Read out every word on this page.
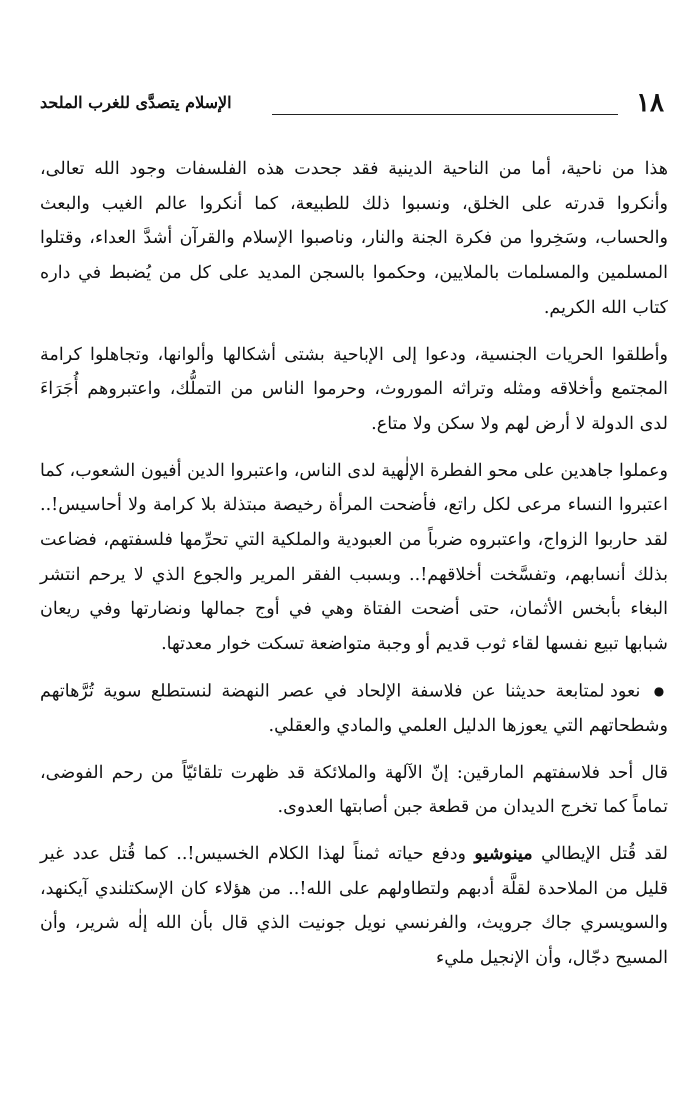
١٨
الإسلام يتصدَّى للغرب الملحد

هذا من ناحية، أما من الناحية الدينية فقد جحدت هذه الفلسفات وجود الله تعالى، وأنكروا قدرته على الخلق، ونسبوا ذلك للطبيعة، كما أنكروا عالم الغيب والبعث والحساب، وسَخِروا من فكرة الجنة والنار، وناصبوا الإسلام والقرآن أشدَّ العداء، وقتلوا المسلمين والمسلمات بالملايين، وحكموا بالسجن المديد على كل من يُضبط في داره كتاب الله الكريم.

وأطلقوا الحريات الجنسية، ودعوا إلى الإباحية بشتى أشكالها وألوانها، وتجاهلوا كرامة المجتمع وأخلاقه ومثله وتراثه الموروث، وحرموا الناس من التملُّك، واعتبروهم أُجَرَاءَ لدى الدولة لا أرض لهم ولا سكن ولا متاع.

وعملوا جاهدين على محو الفطرة الإلٰهية لدى الناس، واعتبروا الدين أفيون الشعوب، كما اعتبروا النساء مرعى لكل راتع، فأضحت المرأة رخيصة مبتذلة بلا كرامة ولا أحاسيس!.. لقد حاربوا الزواج، واعتبروه ضرباً من العبودية والملكية التي تحرِّمها فلسفتهم، فضاعت بذلك أنسابهم، وتفسَّخت أخلاقهم!.. وبسبب الفقر المرير والجوع الذي لا يرحم انتشر البغاء بأبخس الأثمان، حتى أضحت الفتاة وهي في أوج جمالها ونضارتها وفي ريعان شبابها تبيع نفسها لقاء ثوب قديم أو وجبة متواضعة تسكت خوار معدتها.

● نعود لمتابعة حديثنا عن فلاسفة الإلحاد في عصر النهضة لنستطلع سوية تُرَّهاتهم وشطحاتهم التي يعوزها الدليل العلمي والمادي والعقلي.

قال أحد فلاسفتهم المارقين: إنّ الآلهة والملائكة قد ظهرت تلقائيّاً من رحم الفوضى، تماماً كما تخرج الديدان من قطعة جبن أصابتها العدوى.

لقد قُتل الإيطالي مينوشيو ودفع حياته ثمناً لهذا الكلام الخسيس!.. كما قُتل عدد غير قليل من الملاحدة لقلَّة أدبهم ولتطاولهم على الله!.. من هؤلاء كان الإسكتلندي آيكنهد، والسويسري جاك جرويث، والفرنسي نويل جونيت الذي قال بأن الله إلٰه شرير، وأن المسيح دجّال، وأن الإنجيل مليء
